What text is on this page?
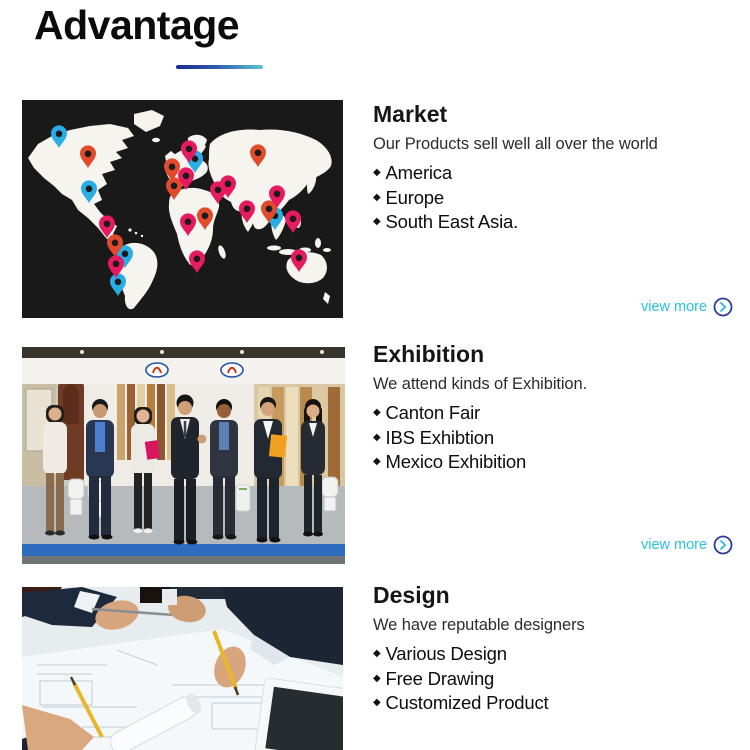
Advantage
Market

Our Products sell well all over the world

◆ America
◆ Europe
◆ South East Asia.
view more
Exhibition

We attend kinds of Exhibition.

◆ Canton Fair
◆ IBS Exhibtion
◆ Mexico Exhibition
view more
Design

We have reputable designers

◆ Various Design
◆ Free Drawing
◆ Customized Product
